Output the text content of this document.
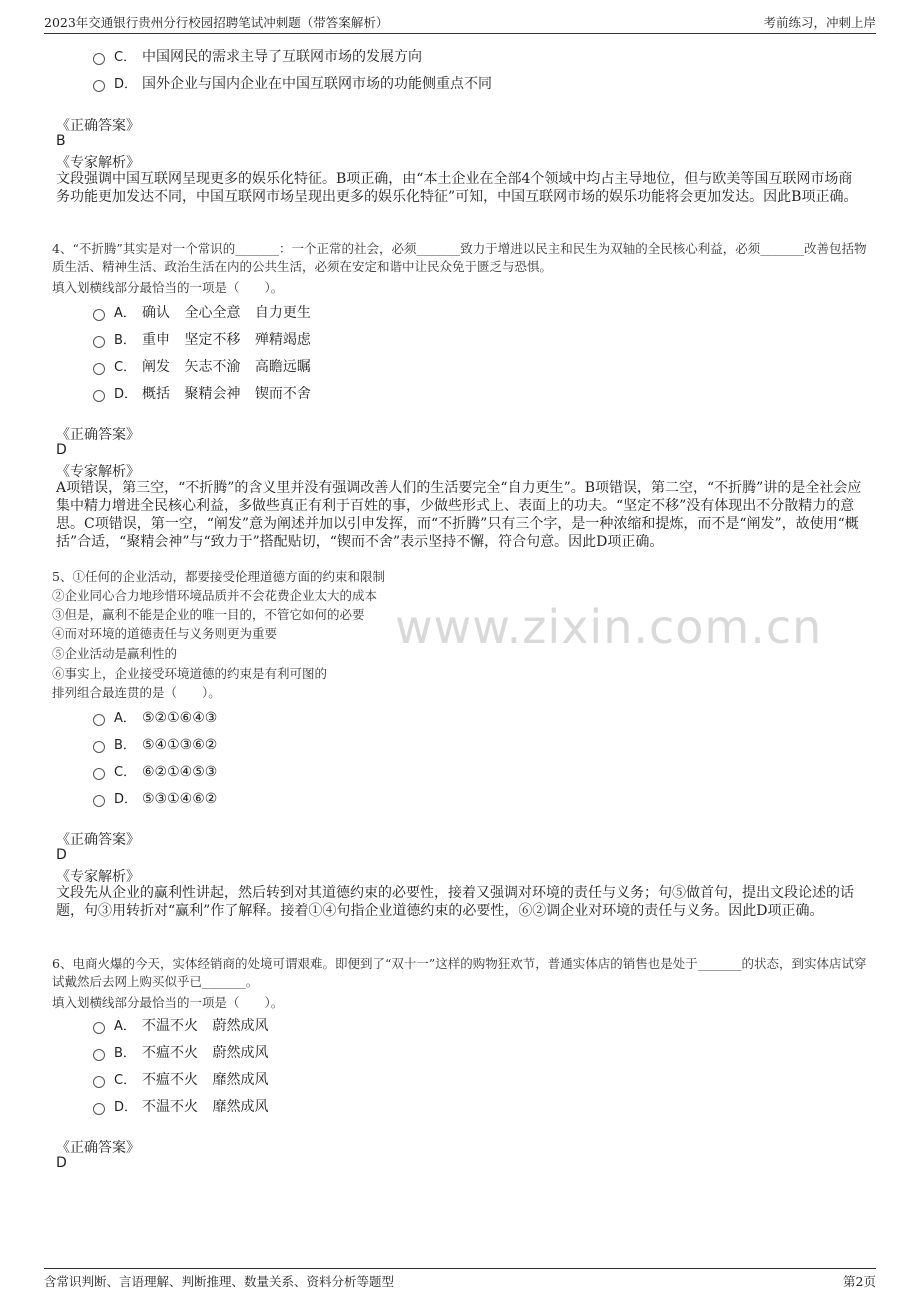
2023年交通银行贵州分行校园招聘笔试冲刺题（带答案解析）	考前练习，冲刺上岸
www.zixin.com.cn
C． 中国网民的需求主导了互联网市场的发展方向
D． 国外企业与国内企业在中国互联网市场的功能侧重点不同
《正确答案》
B
《专家解析》

文段强调中国互联网呈现更多的娱乐化特征。B项正确，由“本土企业在全部4个领域中均占主导地位，但与欧美等国互联网市场商务功能更加发达不同，中国互联网市场呈现出更多的娱乐化特征”可知，中国互联网市场的娱乐功能将会更加发达。因此B项正确。

4、“不折腾”其实是对一个常识的_______：一个正常的社会，必须_______致力于增进以民主和民生为双轴的全民核心利益，必须_______改善包括物质生活、精神生活、政治生活在内的公共生活，必须在安定和谐中让民众免于匮乏与恐惧。

填入划横线部分最恰当的一项是（　　）。
A． 确认 全心全意 自力更生
B． 重申 坚定不移 殚精竭虑
C． 阐发 矢志不渝 高瞻远瞩
D． 概括 聚精会神 锲而不舍
《正确答案》
D
《专家解析》

A项错误，第三空，“不折腾”的含义里并没有强调改善人们的生活要完全“自力更生”。B项错误，第二空，“不折腾”讲的是全社会应集中精力增进全民核心利益，多做些真正有利于百姓的事，少做些形式上、表面上的功夫。“坚定不移”没有体现出不分散精力的意思。C项错误，第一空，“阐发”意为阐述并加以引申发挥，而“不折腾”只有三个字，是一种浓缩和提炼，而不是“阐发”，故使用“概括”合适，“聚精会神”与“致力于”搭配贴切，“锲而不舍”表示坚持不懈，符合句意。因此D项正确。

5、①任何的企业活动，都要接受伦理道德方面的约束和限制
②企业同心合力地珍惜环境品质并不会花费企业太大的成本
③但是，赢利不能是企业的唯一目的，不管它如何的必要
④而对环境的道德责任与义务则更为重要
⑤企业活动是赢利性的
⑥事实上，企业接受环境道德的约束是有利可图的
排列组合最连贯的是（　　）。
A． ⑤②①⑥④③
B． ⑤④①③⑥②
C． ⑥②①④⑤③
D． ⑤③①④⑥②
《正确答案》
D
《专家解析》

文段先从企业的赢利性讲起，然后转到对其道德约束的必要性，接着又强调对环境的责任与义务；句⑤做首句，提出文段论述的话题，句③用转折对“赢利”作了解释。接着①④句指企业道德约束的必要性，⑥②调企业对环境的责任与义务。因此D项正确。

6、电商火爆的今天，实体经销商的处境可谓艰难。即便到了“双十一”这样的购物狂欢节，普通实体店的销售也是处于_______的状态，到实体店试穿试戴然后去网上购买似乎已_______。

填入划横线部分最恰当的一项是（　　）。
A． 不温不火 蔚然成风
B． 不瘟不火 蔚然成风
C． 不瘟不火 靡然成风
D． 不温不火 靡然成风
《正确答案》
D
含常识判断、言语理解、判断推理、数量关系、资料分析等题型	第2页
